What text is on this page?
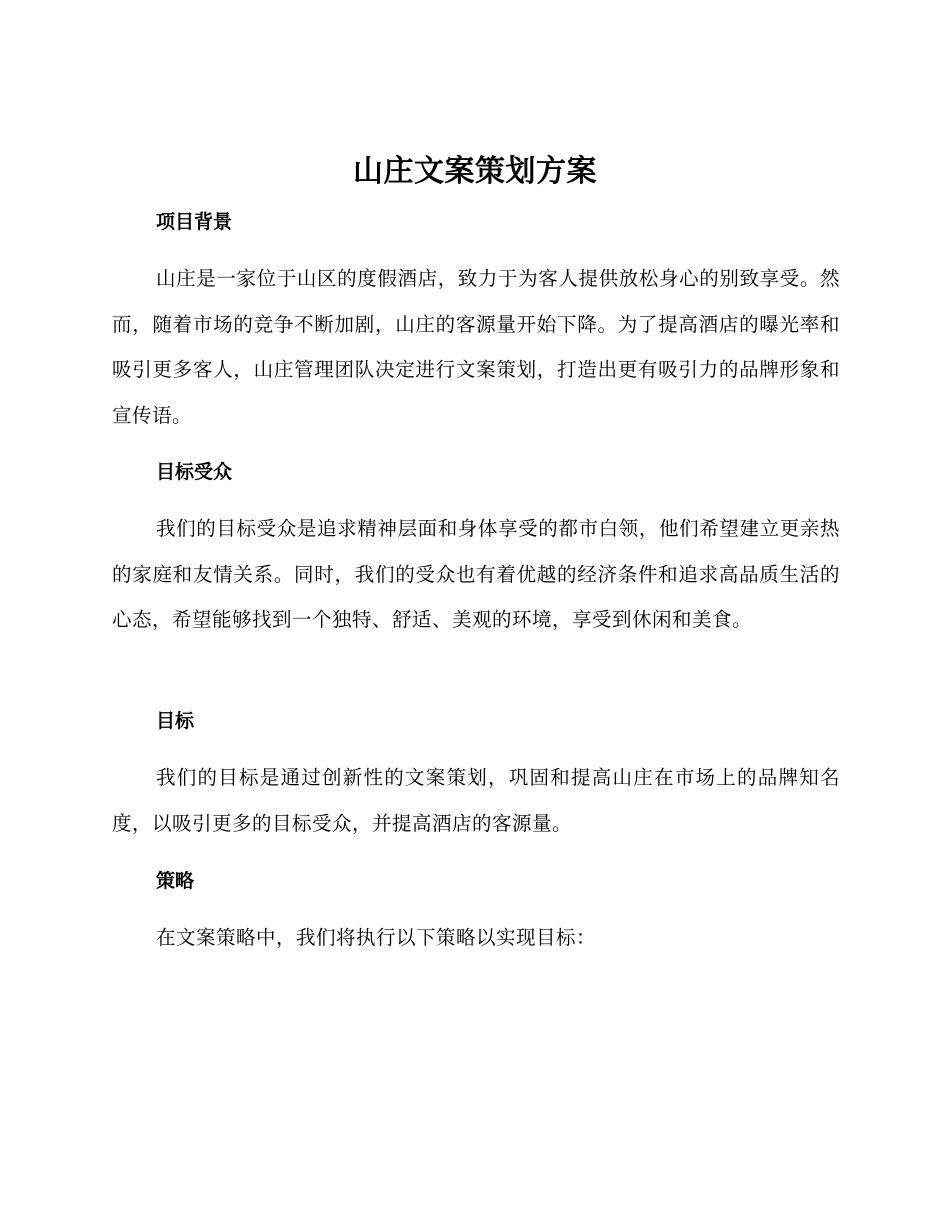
山庄文案策划方案
项目背景
山庄是一家位于山区的度假酒店，致力于为客人提供放松身心的别致享受。然而，随着市场的竞争不断加剧，山庄的客源量开始下降。为了提高酒店的曝光率和吸引更多客人，山庄管理团队决定进行文案策划，打造出更有吸引力的品牌形象和宣传语。
目标受众
我们的目标受众是追求精神层面和身体享受的都市白领，他们希望建立更亲热的家庭和友情关系。同时，我们的受众也有着优越的经济条件和追求高品质生活的心态，希望能够找到一个独特、舒适、美观的环境，享受到休闲和美食。
目标
我们的目标是通过创新性的文案策划，巩固和提高山庄在市场上的品牌知名度，以吸引更多的目标受众，并提高酒店的客源量。
策略
在文案策略中，我们将执行以下策略以实现目标：
